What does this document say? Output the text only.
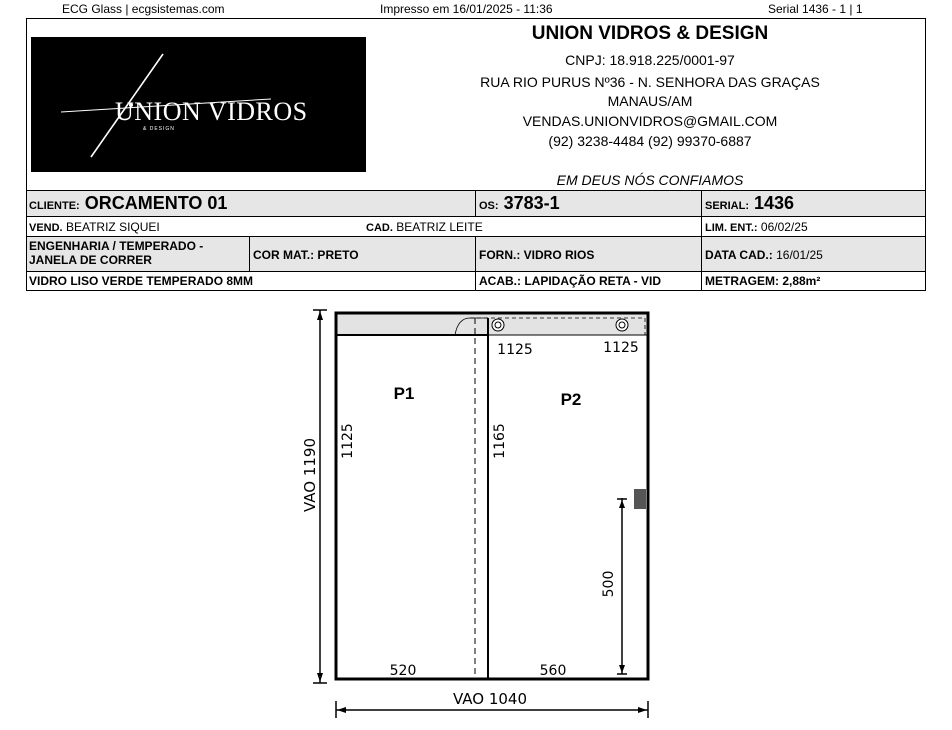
ECG Glass | ecgsistemas.com	Impresso em 16/01/2025 - 11:36	Serial 1436 - 1 | 1
UNION VIDROS
& DESIGN
UNION VIDROS & DESIGN
CNPJ: 18.918.225/0001-97
RUA RIO PURUS Nº36 - N. SENHORA DAS GRAÇAS
MANAUS/AM
VENDAS.UNIONVIDROS@GMAIL.COM
(92) 3238-4484 (92) 99370-6887
EM DEUS NÓS CONFIAMOS
CLIENTE: ORCAMENTO 01	OS: 3783-1	SERIAL: 1436
VEND. BEATRIZ SIQUEI	CAD. BEATRIZ LEITE	LIM. ENT.: 06/02/25
ENGENHARIA / TEMPERADO -
JANELA DE CORRER	COR MAT.: PRETO	FORN.: VIDRO RIOS	DATA CAD.: 16/01/25
VIDRO LISO VERDE TEMPERADO 8MM	ACAB.: LAPIDAÇÃO RETA - VID	METRAGEM: 2,88m²
P1	P2
1125	1125
520	560
VAO 1040
VAO 1190 1125	1165
500
